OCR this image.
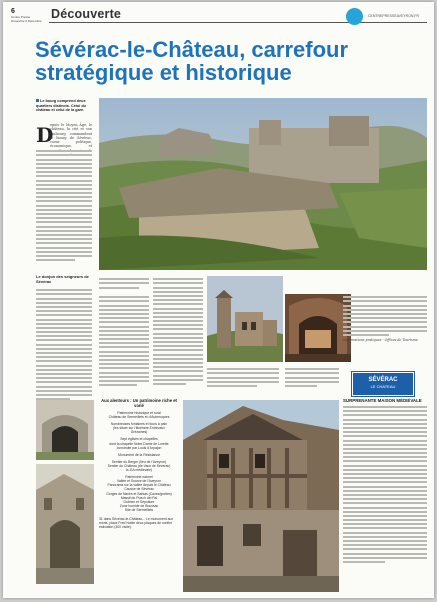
6
Centre Presse
Dimanche 6 Décembre Découverte	CENTREPRESSEAVEYRON.FR
Sévérac-le-Château, carrefour stratégique et historique
Le bourg comprend deux quartiers distincts. Celui du château et celui de la gare.
D
epuis le Moyen Âge, le château, la cité et son faubourg commandent le bourg de Sévérac, coeur politique, économique, et
Le donjon des seigneurs de Sévérac
Informations pratiques - Offices de Tourisme
SÉVÉRAC
LE CHATEAU
Aux alentours : Un patrimoine riche et varié

Patrimoine historique et rural
Château de Sermeillets et d'Auberoques

Nombreuses fontaines et fours à pain
(les situer sur l'itinéraire Entrevaux
Grézaines)

Sept églises et chapelles
dont la chapelle Notre-Dame de Lorette
construite par Louis d'Arpajon

Monument de la Résistance

Sentier du Berger (lieu de l'Aveyron)
Sentier du Château (de Vaux de Séverac)
la ZIA médiévale)

Patrimoine naturel
Vallée et Source de l'Aveyron
Panorama sur la vallée depuis le Château
Causse de Sévérac
Gorges de Naves et Sabias (Caves/grottes)
Massif du Puech del Pal
Dolmen et Sépulture
Zone humide de Boussac
Site de Sermeillets

31 dans Sévérac-le-Château... Le monument aux morts, place Fred Noble deux plaques de confier estivation (300 visite).

SURPRENANTE MAISON MÉDIÉVALE
